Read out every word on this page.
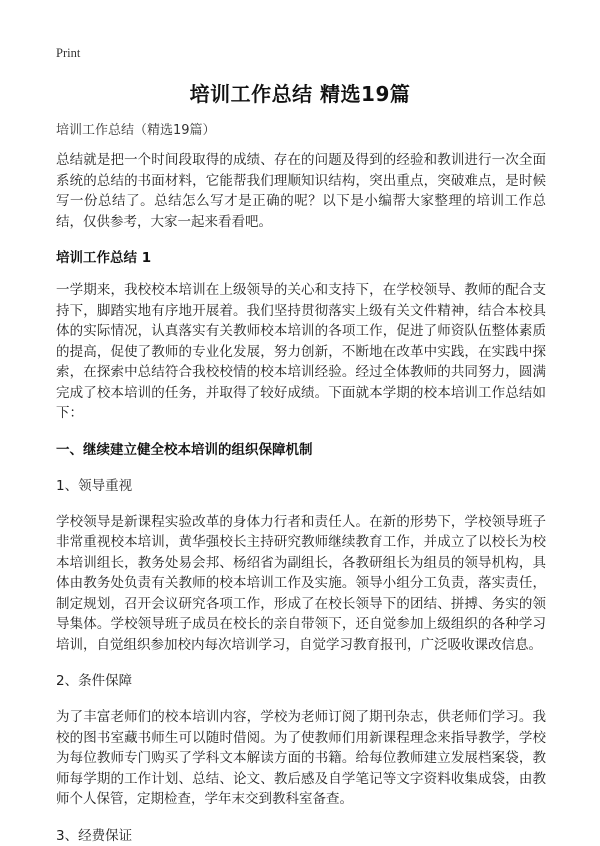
Print
培训工作总结 精选19篇
培训工作总结（精选19篇）

总结就是把一个时间段取得的成绩、存在的问题及得到的经验和教训进行一次全面系统的总结的书面材料，它能帮我们理顺知识结构，突出重点，突破难点，是时候写一份总结了。总结怎么写才是正确的呢？以下是小编帮大家整理的培训工作总结，仅供参考，大家一起来看看吧。

培训工作总结 1

一学期来，我校校本培训在上级领导的关心和支持下，在学校领导、教师的配合支持下，脚踏实地有序地开展着。我们坚持贯彻落实上级有关文件精神，结合本校具体的实际情况，认真落实有关教师校本培训的各项工作，促进了师资队伍整体素质的提高，促使了教师的专业化发展，努力创新，不断地在改革中实践，在实践中探索，在探索中总结符合我校校情的校本培训经验。经过全体教师的共同努力，圆满完成了校本培训的任务，并取得了较好成绩。下面就本学期的校本培训工作总结如下：

一、继续建立健全校本培训的组织保障机制

1、领导重视

学校领导是新课程实验改革的身体力行者和责任人。在新的形势下，学校领导班子非常重视校本培训，黄华强校长主持研究教师继续教育工作，并成立了以校长为校本培训组长，教务处易会邦、杨绍省为副组长，各教研组长为组员的领导机构，具体由教务处负责有关教师的校本培训工作及实施。领导小组分工负责，落实责任，制定规划，召开会议研究各项工作，形成了在校长领导下的团结、拼搏、务实的领导集体。学校领导班子成员在校长的亲自带领下，还自觉参加上级组织的各种学习培训，自觉组织参加校内每次培训学习，自觉学习教育报刊，广泛吸收课改信息。

2、条件保障

为了丰富老师们的校本培训内容，学校为老师订阅了期刊杂志，供老师们学习。我校的图书室藏书师生可以随时借阅。为了使教师们用新课程理念来指导教学，学校为每位教师专门购买了学科文本解读方面的书籍。给每位教师建立发展档案袋，教师每学期的工作计划、总结、论文、教后感及自学笔记等文字资料收集成袋，由教师个人保管，定期检查，学年末交到教科室备查。

3、经费保证
